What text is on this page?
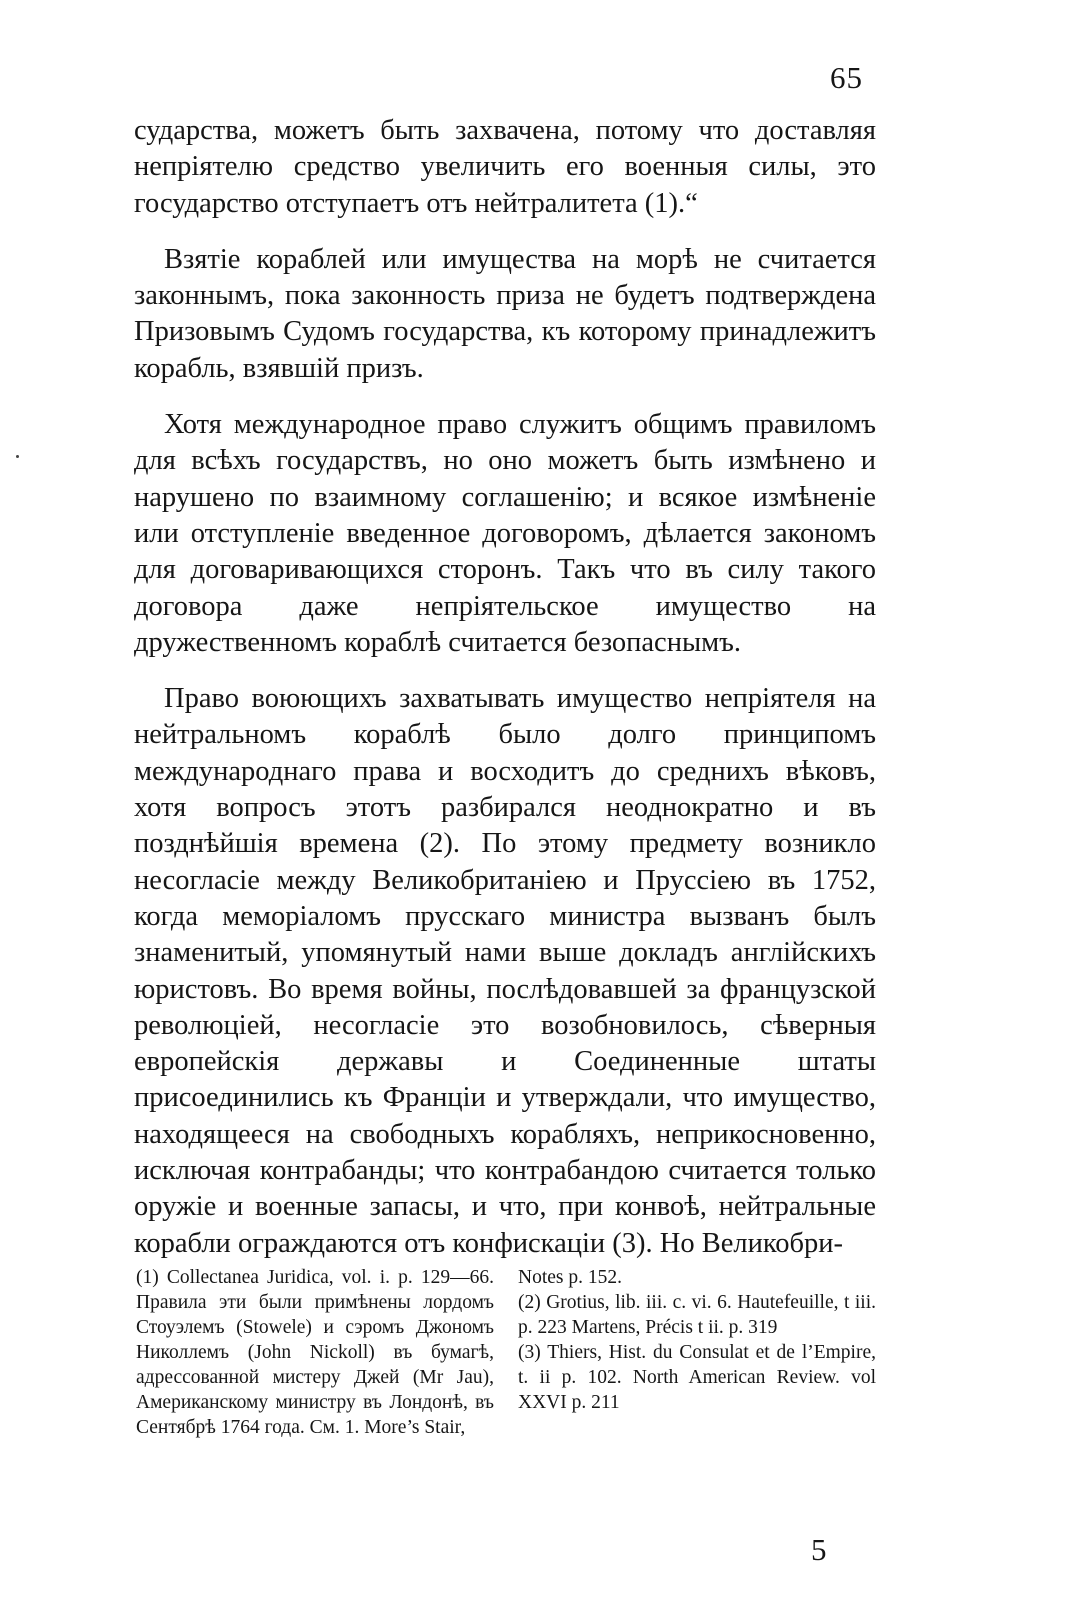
65

сударства, можетъ быть захвачена, потому что доставляя непріятелю средство увеличить его военныя силы, это государство отступаетъ отъ нейтралитета (1).“

Взятіе кораблей или имущества на морѣ не считается законнымъ, пока законность приза не будетъ подтверждена Призовымъ Судомъ государства, къ которому принадлежитъ корабль, взявшій призъ.

Хотя международное право служитъ общимъ правиломъ для всѣхъ государствъ, но оно можетъ быть измѣнено и нарушено по взаимному соглашенію; и всякое измѣненіе или отступленіе введенное договоромъ, дѣлается закономъ для договаривающихся сторонъ. Такъ что въ силу такого договора даже непріятельское имущество на дружественномъ кораблѣ считается безопаснымъ.

Право воюющихъ захватывать имущество непріятеля на нейтральномъ кораблѣ было долго принципомъ международнаго права и восходитъ до среднихъ вѣковъ, хотя вопросъ этотъ разбирался неоднократно и въ позднѣйшія времена (2). По этому предмету возникло несогласіе между Великобританіею и Пруссіею въ 1752, когда меморіаломъ прусскаго министра вызванъ былъ знаменитый, упомянутый нами выше докладъ англійскихъ юристовъ. Во время войны, послѣдовавшей за французской революціей, несогласіе это возобновилось, сѣверныя европейскія державы и Соединенные штаты присоединились къ Франціи и утверждали, что имущество, находящееся на свободныхъ корабляхъ, неприкосновенно, исключая контрабанды; что контрабандою считается только оружіе и военные запасы, и что, при конвоѣ, нейтральные корабли ограждаются отъ конфискаціи (3). Но Великобри-

(1) Collectanea Juridica, vol. i. p. 129—66. Правила эти были примѣнены лордомъ Стоуэлемъ (Stowele) и сэромъ Джономъ Николлемъ (John Nickoll) въ бумагѣ, адрессованной мистеру Джей (Mr Jau), Американскому министру въ Лондонѣ, въ Сентябрѣ 1764 года. См. 1. More’s Stair,

Notes p. 152.

(2) Grotius, lib. iii. c. vi. 6. Hautefeuille, t iii. p. 223 Martens, Précis t ii. p. 319

(3) Thiers, Hist. du Consulat et de l’Empire, t. ii p. 102. North American Review. vol XXVI p. 211

5
